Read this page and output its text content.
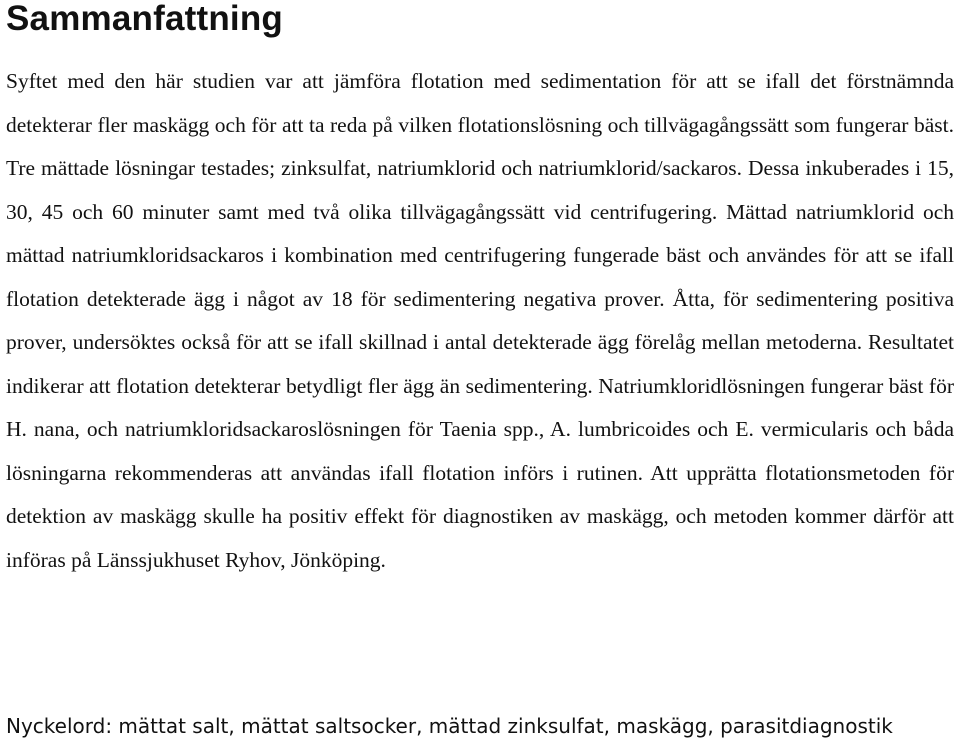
Sammanfattning

Syftet med den här studien var att jämföra flotation med sedimentation för att se ifall det förstnämnda detekterar fler maskägg och för att ta reda på vilken flotationslösning och tillvägagångssätt som fungerar bäst. Tre mättade lösningar testades; zinksulfat, natriumklorid och natriumklorid/sackaros. Dessa inkuberades i 15, 30, 45 och 60 minuter samt med två olika tillvägagångssätt vid centrifugering. Mättad natriumklorid och mättad natriumkloridsackaros i kombination med centrifugering fungerade bäst och användes för att se ifall flotation detekterade ägg i något av 18 för sedimentering negativa prover. Åtta, för sedimentering positiva prover, undersöktes också för att se ifall skillnad i antal detekterade ägg förelåg mellan metoderna. Resultatet indikerar att flotation detekterar betydligt fler ägg än sedimentering. Natriumkloridlösningen fungerar bäst för H. nana, och natriumkloridsackaroslösningen för Taenia spp., A. lumbricoides och E. vermicularis och båda lösningarna rekommenderas att användas ifall flotation införs i rutinen. Att upprätta flotationsmetoden för detektion av maskägg skulle ha positiv effekt för diagnostiken av maskägg, och metoden kommer därför att införas på Länssjukhuset Ryhov, Jönköping.

Nyckelord: mättat salt, mättat saltsocker, mättad zinksulfat, maskägg, parasitdiagnostik
